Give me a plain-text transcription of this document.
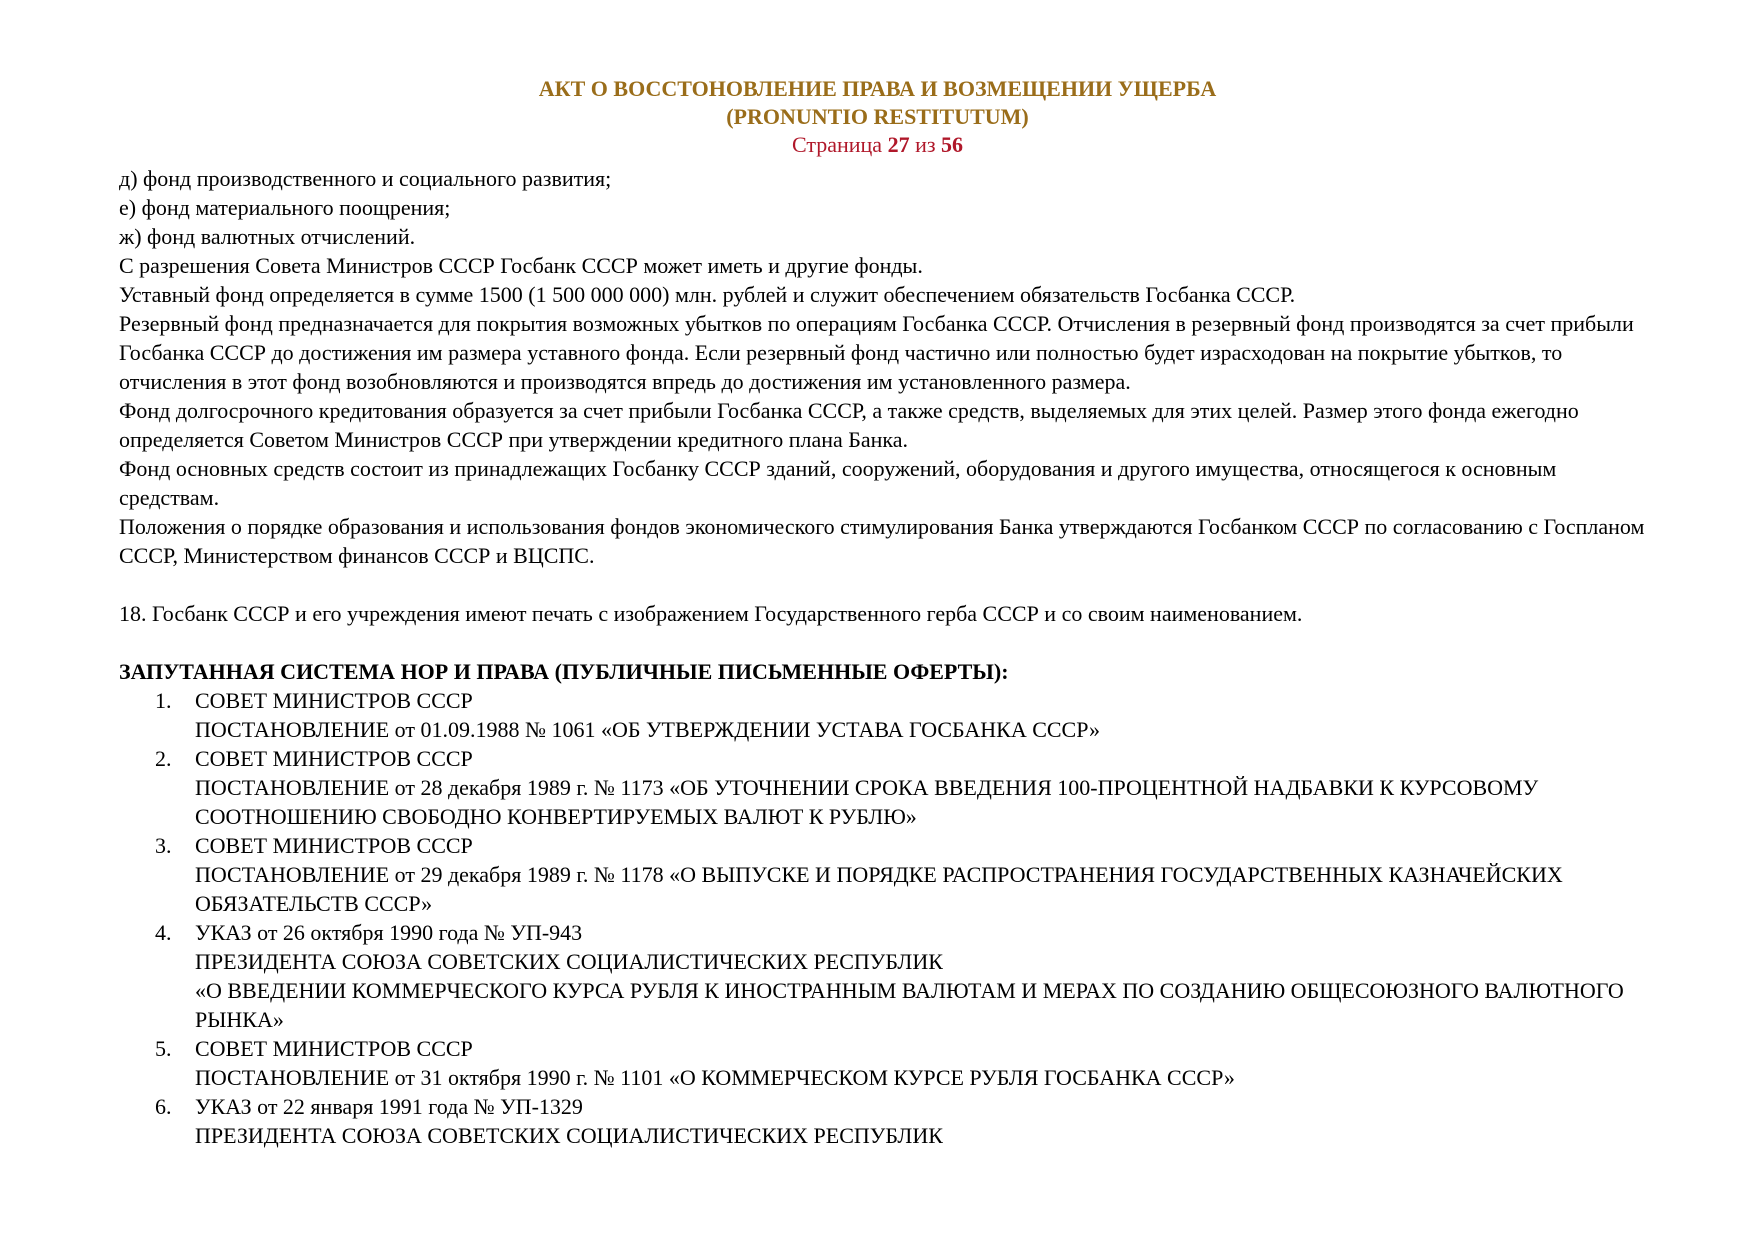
АКТ О ВОССТОНОВЛЕНИЕ ПРАВА И ВОЗМЕЩЕНИИ УЩЕРБА
(PRONUNTIO RESTITUTUM)
Страница 27 из 56

д) фонд производственного и социального развития;

е) фонд материального поощрения;

ж) фонд валютных отчислений.

С разрешения Совета Министров СССР Госбанк СССР может иметь и другие фонды.

Уставный фонд определяется в сумме 1500 (1 500 000 000) млн. рублей и служит обеспечением обязательств Госбанка СССР.

Резервный фонд предназначается для покрытия возможных убытков по операциям Госбанка СССР. Отчисления в резервный фонд производятся за счет прибыли Госбанка СССР до достижения им размера уставного фонда. Если резервный фонд частично или полностью будет израсходован на покрытие убытков, то отчисления в этот фонд возобновляются и производятся впредь до достижения им установленного размера.

Фонд долгосрочного кредитования образуется за счет прибыли Госбанка СССР, а также средств, выделяемых для этих целей. Размер этого фонда ежегодно определяется Советом Министров СССР при утверждении кредитного плана Банка.

Фонд основных средств состоит из принадлежащих Госбанку СССР зданий, сооружений, оборудования и другого имущества, относящегося к основным средствам.

Положения о порядке образования и использования фондов экономического стимулирования Банка утверждаются Госбанком СССР по согласованию с Госпланом СССР, Министерством финансов СССР и ВЦСПС.

18. Госбанк СССР и его учреждения имеют печать с изображением Государственного герба СССР и со своим наименованием.

ЗАПУТАННАЯ СИСТЕМА НОР И ПРАВА (ПУБЛИЧНЫЕ ПИСЬМЕННЫЕ ОФЕРТЫ):

1. СОВЕТ МИНИСТРОВ СССР
ПОСТАНОВЛЕНИЕ от 01.09.1988 № 1061 «ОБ УТВЕРЖДЕНИИ УСТАВА ГОСБАНКА СССР»
2. СОВЕТ МИНИСТРОВ СССР
ПОСТАНОВЛЕНИЕ от 28 декабря 1989 г. № 1173 «ОБ УТОЧНЕНИИ СРОКА ВВЕДЕНИЯ 100-ПРОЦЕНТНОЙ НАДБАВКИ К КУРСОВОМУ СООТНОШЕНИЮ СВОБОДНО КОНВЕРТИРУЕМЫХ ВАЛЮТ К РУБЛЮ»
3. СОВЕТ МИНИСТРОВ СССР
ПОСТАНОВЛЕНИЕ от 29 декабря 1989 г. № 1178 «О ВЫПУСКЕ И ПОРЯДКЕ РАСПРОСТРАНЕНИЯ ГОСУДАРСТВЕННЫХ КАЗНАЧЕЙСКИХ ОБЯЗАТЕЛЬСТВ СССР»
4. УКАЗ от 26 октября 1990 года № УП-943
ПРЕЗИДЕНТА СОЮЗА СОВЕТСКИХ СОЦИАЛИСТИЧЕСКИХ РЕСПУБЛИК
«О ВВЕДЕНИИ КОММЕРЧЕСКОГО КУРСА РУБЛЯ К ИНОСТРАННЫМ ВАЛЮТАМ И МЕРАХ ПО СОЗДАНИЮ ОБЩЕСОЮЗНОГО ВАЛЮТНОГО РЫНКА»
5. СОВЕТ МИНИСТРОВ СССР
ПОСТАНОВЛЕНИЕ от 31 октября 1990 г. № 1101 «О КОММЕРЧЕСКОМ КУРСЕ РУБЛЯ ГОСБАНКА СССР»
6. УКАЗ от 22 января 1991 года № УП-1329
ПРЕЗИДЕНТА СОЮЗА СОВЕТСКИХ СОЦИАЛИСТИЧЕСКИХ РЕСПУБЛИК
